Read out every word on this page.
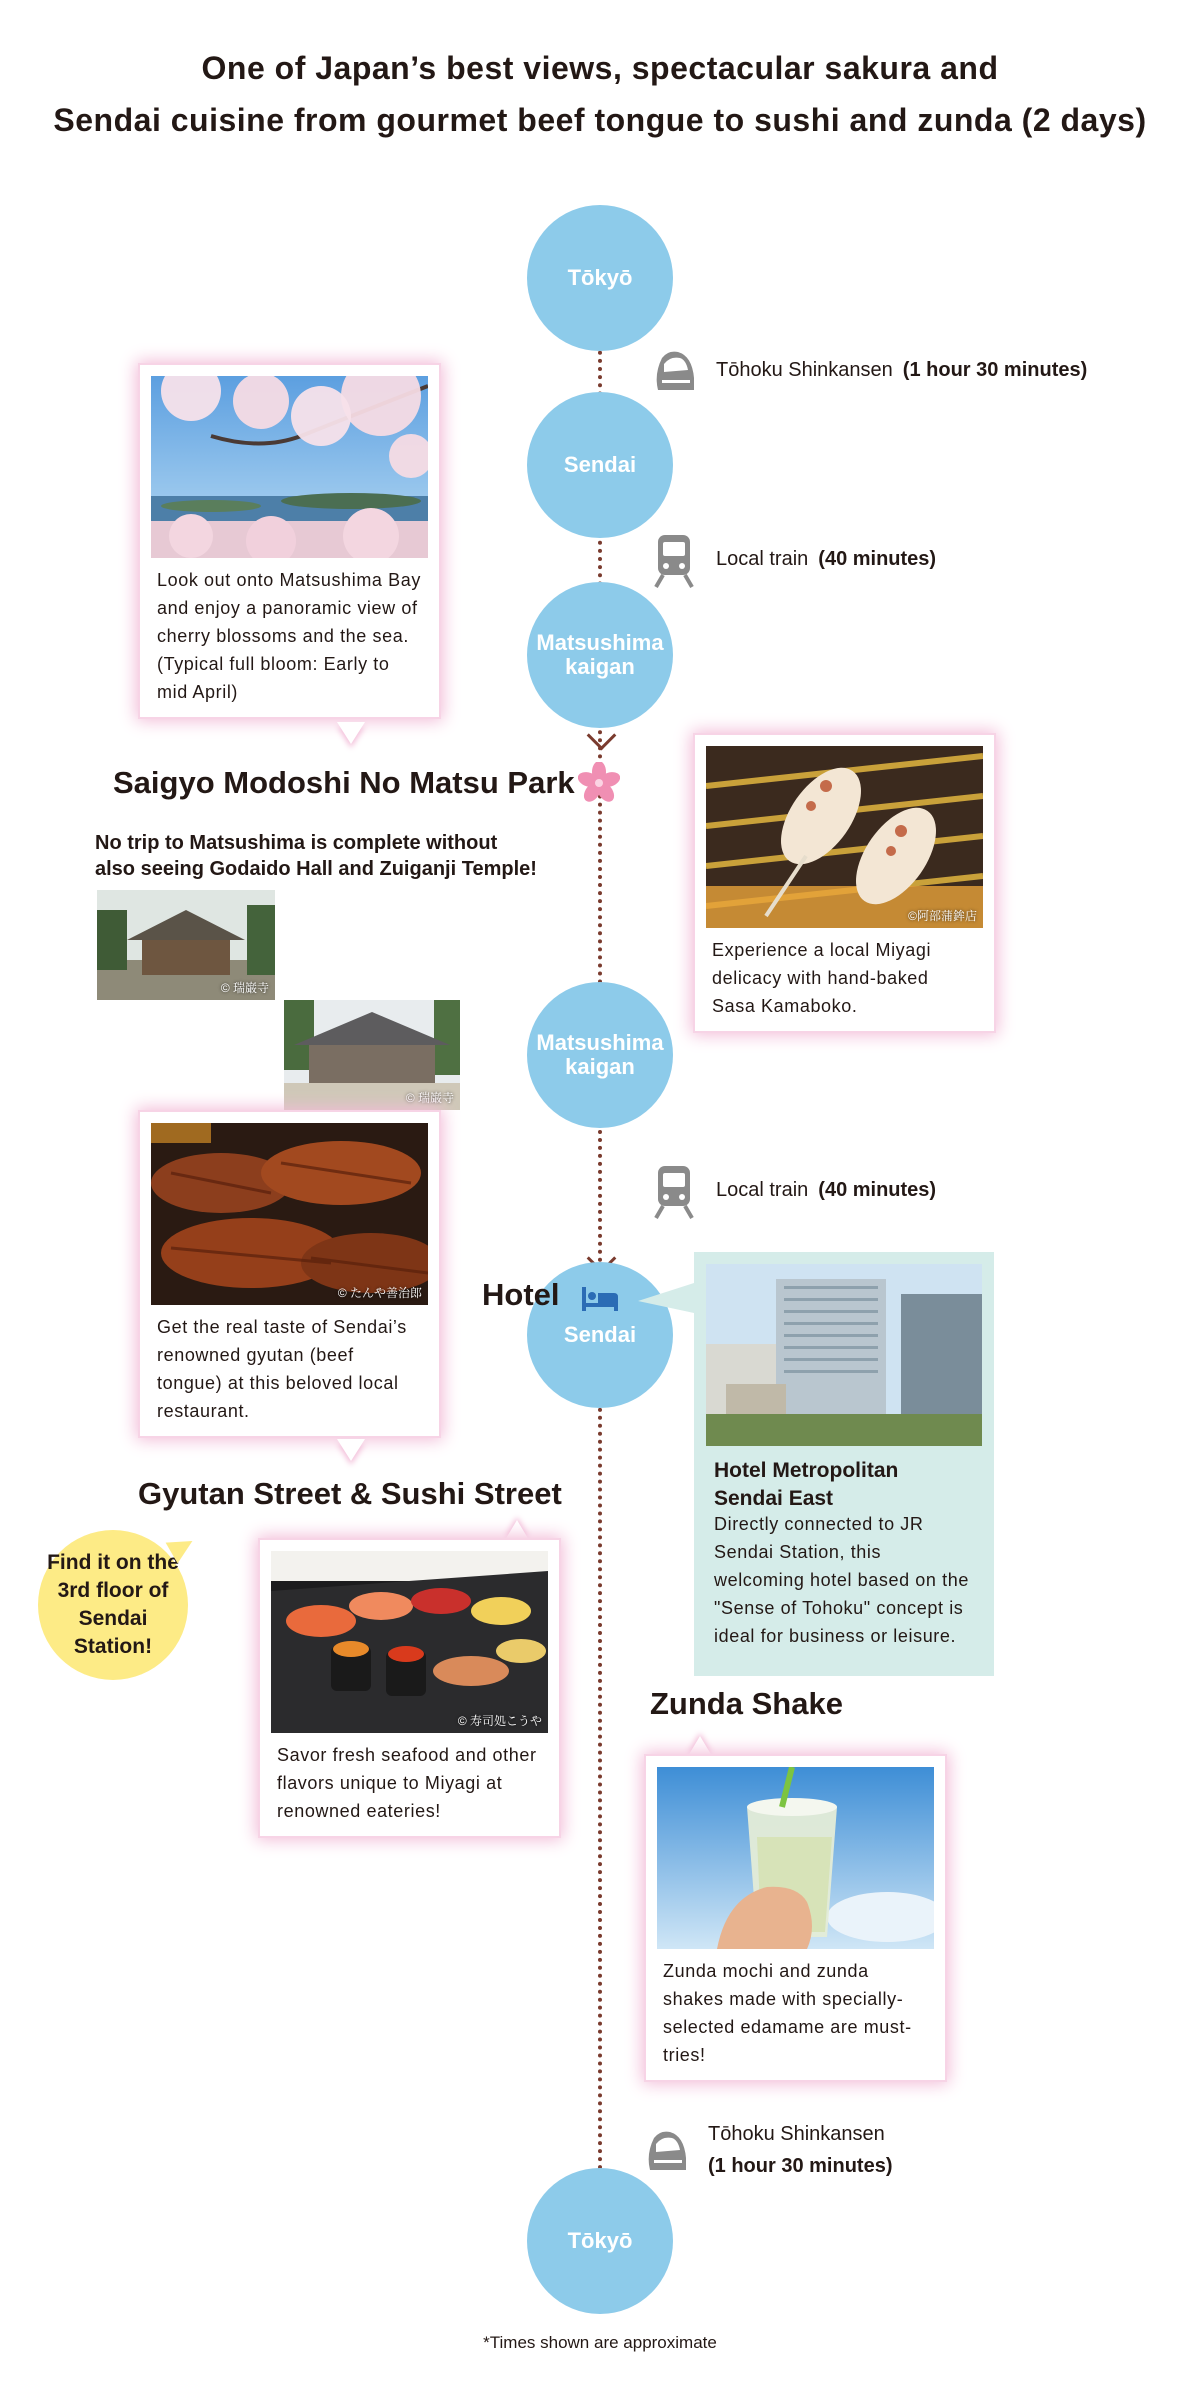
One of Japan’s best views, spectacular sakura and
Sendai cuisine from gourmet beef tongue to sushi and zunda (2 days)
Tōkyō
Sendai
Matsushima
kaigan
Matsushima
kaigan
Sendai
Tōkyō
Tōhoku Shinkansen (1 hour 30 minutes)
Local train (40 minutes)
Local train (40 minutes)
Tōhoku Shinkansen
(1 hour 30 minutes)
Look out onto Matsushima Bay and enjoy a panoramic view of cherry blossoms and the sea. (Typical full bloom: Early to mid April)
Saigyo Modoshi No Matsu Park
No trip to Matsushima is complete without
also seeing Godaido Hall and Zuiganji Temple!
© 瑞巌寺
© 瑞巌寺
©阿部蒲鉾店
Experience a local Miyagi delicacy with hand-baked Sasa Kamaboko.
© たんや善治郎
Get the real taste of Sendai’s renowned gyutan (beef tongue) at this beloved local restaurant.
Gyutan Street & Sushi Street
© 寿司処こうや
Savor fresh seafood and other flavors unique to Miyagi at renowned eateries!
Find it on the
3rd floor of
Sendai Station!
Hotel
Hotel Metropolitan
Sendai East
Directly connected to JR Sendai Station, this welcoming hotel based on the "Sense of Tohoku" concept is ideal for business or leisure.
Zunda Shake
Zunda mochi and zunda shakes made with specially-selected edamame are must-tries!
*Times shown are approximate
